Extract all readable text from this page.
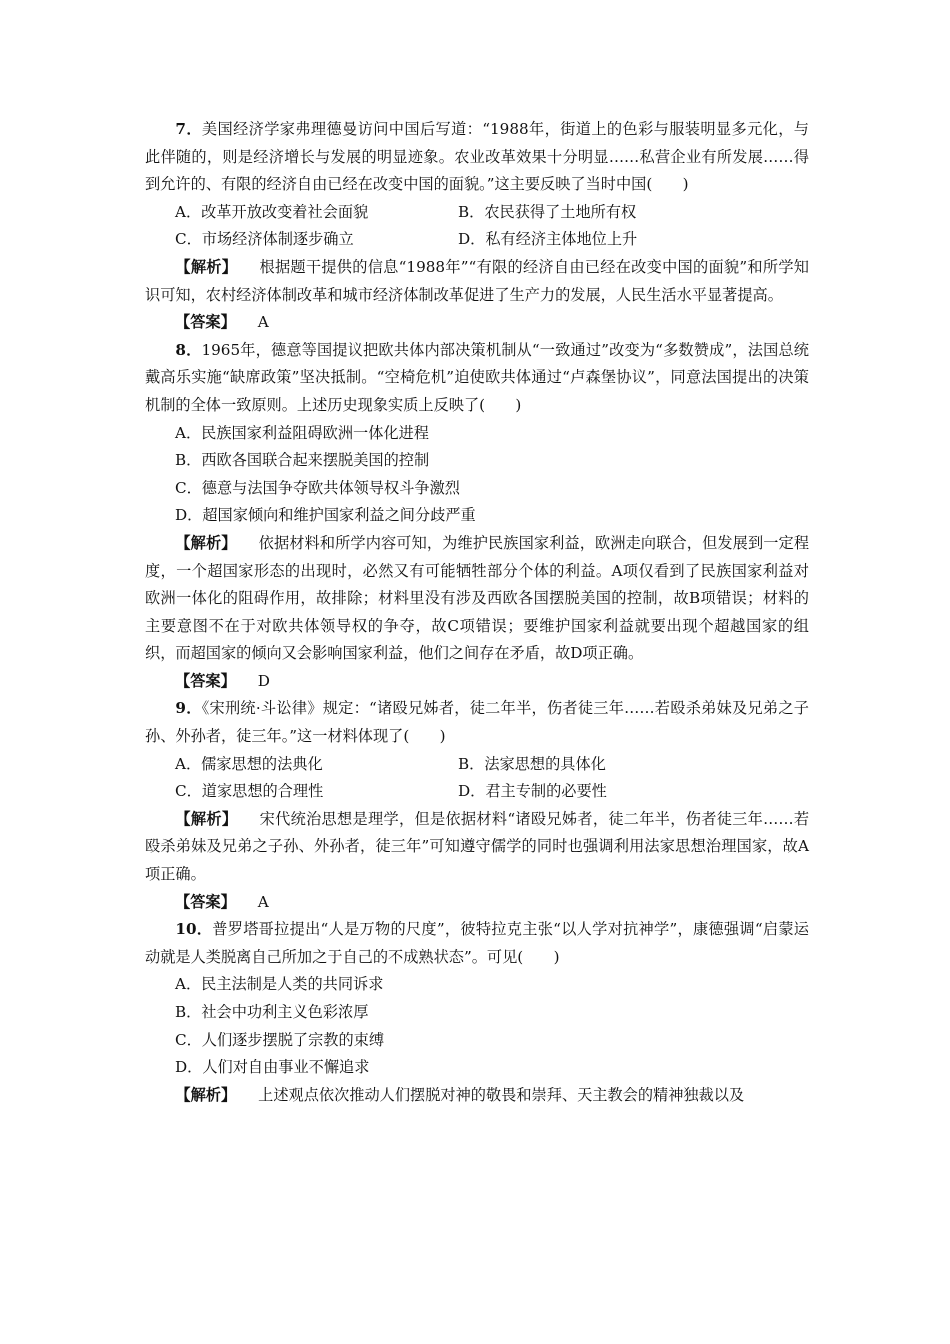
7．美国经济学家弗理德曼访问中国后写道：“1988年，街道上的色彩与服装明显多元化，与此伴随的，则是经济增长与发展的明显迹象。农业改革效果十分明显……私营企业有所发展……得到允许的、有限的经济自由已经在改变中国的面貌。”这主要反映了当时中国(　　)

A．改革开放改变着社会面貌	B．农民获得了土地所有权
C．市场经济体制逐步确立	D．私有经济主体地位上升

【解析】 根据题干提供的信息“1988年”“有限的经济自由已经在改变中国的面貌”和所学知识可知，农村经济体制改革和城市经济体制改革促进了生产力的发展，人民生活水平显著提高。

【答案】 A

8．1965年，德意等国提议把欧共体内部决策机制从“一致通过”改变为“多数赞成”，法国总统戴高乐实施“缺席政策”坚决抵制。“空椅危机”迫使欧共体通过“卢森堡协议”，同意法国提出的决策机制的全体一致原则。上述历史现象实质上反映了(　　)

A．民族国家利益阻碍欧洲一体化进程
B．西欧各国联合起来摆脱美国的控制
C．德意与法国争夺欧共体领导权斗争激烈
D．超国家倾向和维护国家利益之间分歧严重

【解析】 依据材料和所学内容可知，为维护民族国家利益，欧洲走向联合，但发展到一定程度，一个超国家形态的出现时，必然又有可能牺牲部分个体的利益。A项仅看到了民族国家利益对欧洲一体化的阻碍作用，故排除；材料里没有涉及西欧各国摆脱美国的控制，故B项错误；材料的主要意图不在于对欧共体领导权的争夺，故C项错误；要维护国家利益就要出现个超越国家的组织，而超国家的倾向又会影响国家利益，他们之间存在矛盾，故D项正确。

【答案】 D

9．《宋刑统·斗讼律》规定：“诸殴兄姊者，徒二年半，伤者徒三年……若殴杀弟妹及兄弟之子孙、外孙者，徒三年。”这一材料体现了(　　)

A．儒家思想的法典化	B．法家思想的具体化
C．道家思想的合理性	D．君主专制的必要性

【解析】 宋代统治思想是理学，但是依据材料“诸殴兄姊者，徒二年半，伤者徒三年……若殴杀弟妹及兄弟之子孙、外孙者，徒三年”可知遵守儒学的同时也强调利用法家思想治理国家，故A项正确。

【答案】 A

10．普罗塔哥拉提出“人是万物的尺度”，彼特拉克主张“以人学对抗神学”，康德强调“启蒙运动就是人类脱离自己所加之于自己的不成熟状态”。可见(　　)

A．民主法制是人类的共同诉求
B．社会中功利主义色彩浓厚
C．人们逐步摆脱了宗教的束缚
D．人们对自由事业不懈追求

【解析】 上述观点依次推动人们摆脱对神的敬畏和崇拜、天主教会的精神独裁以及
